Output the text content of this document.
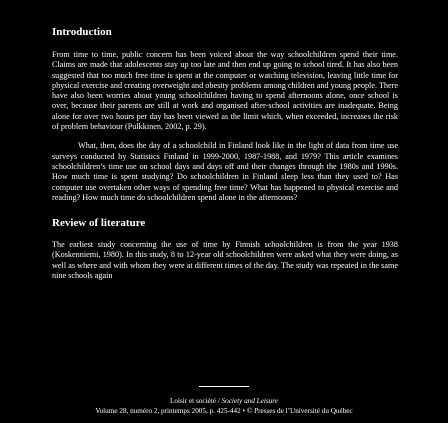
Introduction

From time to time, public concern has been voiced about the way schoolchildren spend their time. Claims are made that adolescents stay up too late and then end up going to school tired. It has also been suggested that too much free time is spent at the computer or watching television, leaving little time for physical exercise and creating overweight and obesity problems among children and young people. There have also been worries about young schoolchildren having to spend afternoons alone, once school is over, because their parents are still at work and organised after-school activities are inadequate. Being alone for over two hours per day has been viewed as the limit which, when exceeded, increases the risk of problem behaviour (Pulkkinen, 2002, p. 29).

What, then, does the day of a schoolchild in Finland look like in the light of data from time use surveys conducted by Statistics Finland in 1999-2000, 1987-1988, and 1979? This article examines schoolchildren’s time use on school days and days off and their changes through the 1980s and 1990s. How much time is spent studying? Do schoolchildren in Finland sleep less than they used to? Has computer use overtaken other ways of spending free time? What has happened to physical exercise and reading? How much time do schoolchildren spend alone in the afternoons?

Review of literature

The earliest study concerning the use of time by Finnish schoolchildren is from the year 1938 (Koskenniemi, 1980). In this study, 8 to 12-year old schoolchildren were asked what they were doing, as well as where and with whom they were at different times of the day. The study was repeated in the same nine schools again

Loisir et société / Society and Leisure
Volume 28, numéro 2, printemps 2005, p. 425-442 • © Presses de l’Université du Québec
